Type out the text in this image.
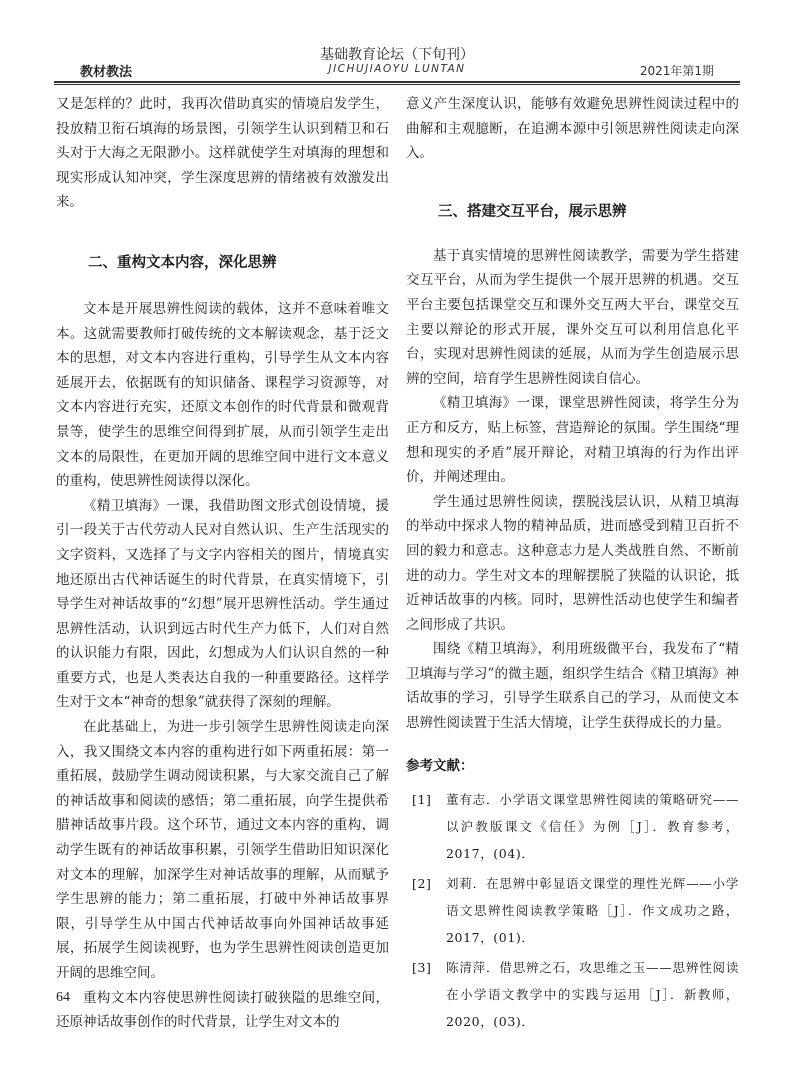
基础教育论坛（下旬刊）
JICHUJIAOYU LUNTAN
教材教法	2021年第1期

又是怎样的？此时，我再次借助真实的情境启发学生，投放精卫衔石填海的场景图，引领学生认识到精卫和石头对于大海之无限渺小。这样就使学生对填海的理想和现实形成认知冲突，学生深度思辨的情绪被有效激发出来。

二、重构文本内容，深化思辨

文本是开展思辨性阅读的载体，这并不意味着唯文本。这就需要教师打破传统的文本解读观念，基于泛文本的思想，对文本内容进行重构，引导学生从文本内容延展开去，依据既有的知识储备、课程学习资源等，对文本内容进行充实，还原文本创作的时代背景和微观背景等，使学生的思维空间得到扩展，从而引领学生走出文本的局限性，在更加开阔的思维空间中进行文本意义的重构，使思辨性阅读得以深化。

《精卫填海》一课，我借助图文形式创设情境，援引一段关于古代劳动人民对自然认识、生产生活现实的文字资料，又选择了与文字内容相关的图片，情境真实地还原出古代神话诞生的时代背景，在真实情境下，引导学生对神话故事的“幻想”展开思辨性活动。学生通过思辨性活动，认识到远古时代生产力低下，人们对自然的认识能力有限，因此，幻想成为人们认识自然的一种重要方式，也是人类表达自我的一种重要路径。这样学生对于文本“神奇的想象”就获得了深刻的理解。

在此基础上，为进一步引领学生思辨性阅读走向深入，我又围绕文本内容的重构进行如下两重拓展：第一重拓展，鼓励学生调动阅读积累，与大家交流自己了解的神话故事和阅读的感悟；第二重拓展，向学生提供希腊神话故事片段。这个环节，通过文本内容的重构，调动学生既有的神话故事积累，引领学生借助旧知识深化对文本的理解，加深学生对神话故事的理解，从而赋予学生思辨的能力；第二重拓展，打破中外神话故事界限，引导学生从中国古代神话故事向外国神话故事延展，拓展学生阅读视野，也为学生思辨性阅读创造更加开阔的思维空间。

重构文本内容使思辨性阅读打破狭隘的思维空间，还原神话故事创作的时代背景，让学生对文本的

意义产生深度认识，能够有效避免思辨性阅读过程中的曲解和主观臆断，在追溯本源中引领思辨性阅读走向深入。

三、搭建交互平台，展示思辨

基于真实情境的思辨性阅读教学，需要为学生搭建交互平台，从而为学生提供一个展开思辨的机遇。交互平台主要包括课堂交互和课外交互两大平台，课堂交互主要以辩论的形式开展，课外交互可以利用信息化平台，实现对思辨性阅读的延展，从而为学生创造展示思辨的空间，培育学生思辨性阅读自信心。

《精卫填海》一课，课堂思辨性阅读，将学生分为正方和反方，贴上标签，营造辩论的氛围。学生围绕“理想和现实的矛盾”展开辩论，对精卫填海的行为作出评价，并阐述理由。

学生通过思辨性阅读，摆脱浅层认识，从精卫填海的举动中探求人物的精神品质，进而感受到精卫百折不回的毅力和意志。这种意志力是人类战胜自然、不断前进的动力。学生对文本的理解摆脱了狭隘的认识论，抵近神话故事的内核。同时，思辨性活动也使学生和编者之间形成了共识。

围绕《精卫填海》，利用班级微平台，我发布了“精卫填海与学习”的微主题，组织学生结合《精卫填海》神话故事的学习，引导学生联系自己的学习，从而使文本思辨性阅读置于生活大情境，让学生获得成长的力量。

参考文献：
[1] 董有志．小学语文课堂思辨性阅读的策略研究——以沪教版课文《信任》为例［J］．教育参考，2017，(04)．
[2] 刘莉．在思辨中彰显语文课堂的理性光辉——小学语文思辨性阅读教学策略［J］．作文成功之路，2017，(01)．
[3] 陈清萍．借思辨之石，攻思维之玉——思辨性阅读在小学语文教学中的实践与运用［J］．新教师，2020，(03)．
64
